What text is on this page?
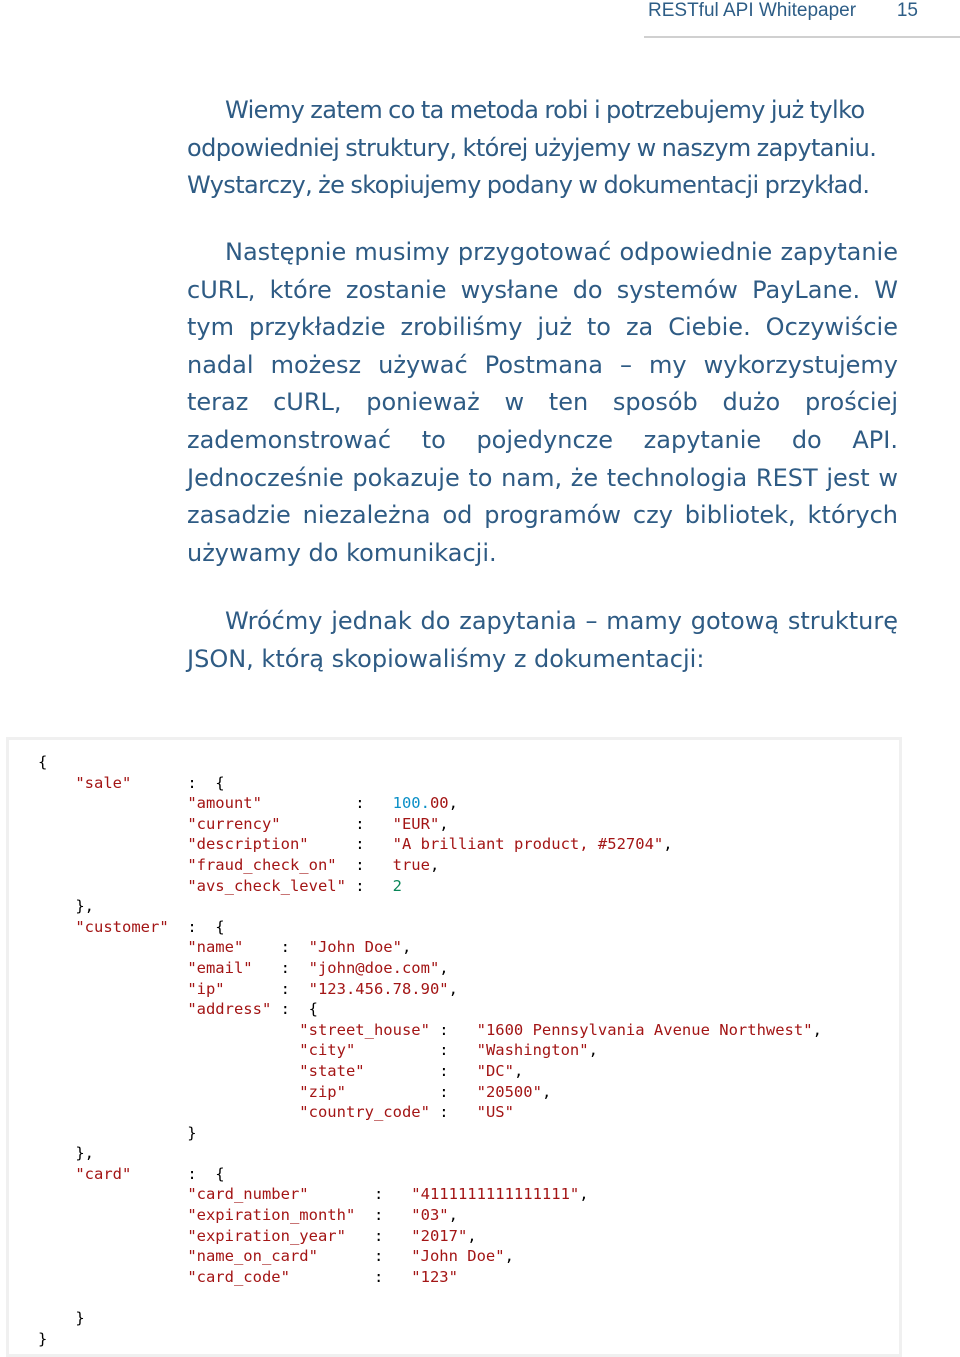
RESTful API Whitepaper 15

Wiemy zatem co ta metoda robi i potrzebujemy już tylko odpowiedniej struktury, której użyjemy w naszym zapytaniu. Wystarczy, że skopiujemy podany w dokumentacji przykład.

Następnie musimy przygotować odpowiednie zapytanie cURL, które zostanie wysłane do systemów PayLane. W tym przykładzie zrobiliśmy już to za Ciebie. Oczywiście nadal możesz używać Postmana – my wykorzystujemy teraz cURL, ponieważ w ten sposób dużo prościej zademonstrować to pojedyncze zapytanie do API. Jednocześnie pokazuje to nam, że technologia REST jest w zasadzie niezależna od programów czy bibliotek, których używamy do komunikacji.

Wróćmy jednak do zapytania – mamy gotową strukturę JSON, którą skopiowaliśmy z dokumentacji:

{
"sale"      :  {
"amount"          :   100.00,
"currency"        :   "EUR",
"description"     :   "A brilliant product, #52704",
"fraud_check_on"  :   true,
"avs_check_level" :   2
},
"customer"  :  {
"name"    :  "John Doe",
"email"   :  "john@doe.com",
"ip"      :  "123.456.78.90",
"address" :  {
"street_house" :   "1600 Pennsylvania Avenue Northwest",
"city"         :   "Washington",
"state"        :   "DC",
"zip"          :   "20500",
"country_code" :   "US"
}
},
"card"      :  {
"card_number"       :   "4111111111111111",
"expiration_month"  :   "03",
"expiration_year"   :   "2017",
"name_on_card"      :   "John Doe",
"card_code"         :   "123"

}
}
